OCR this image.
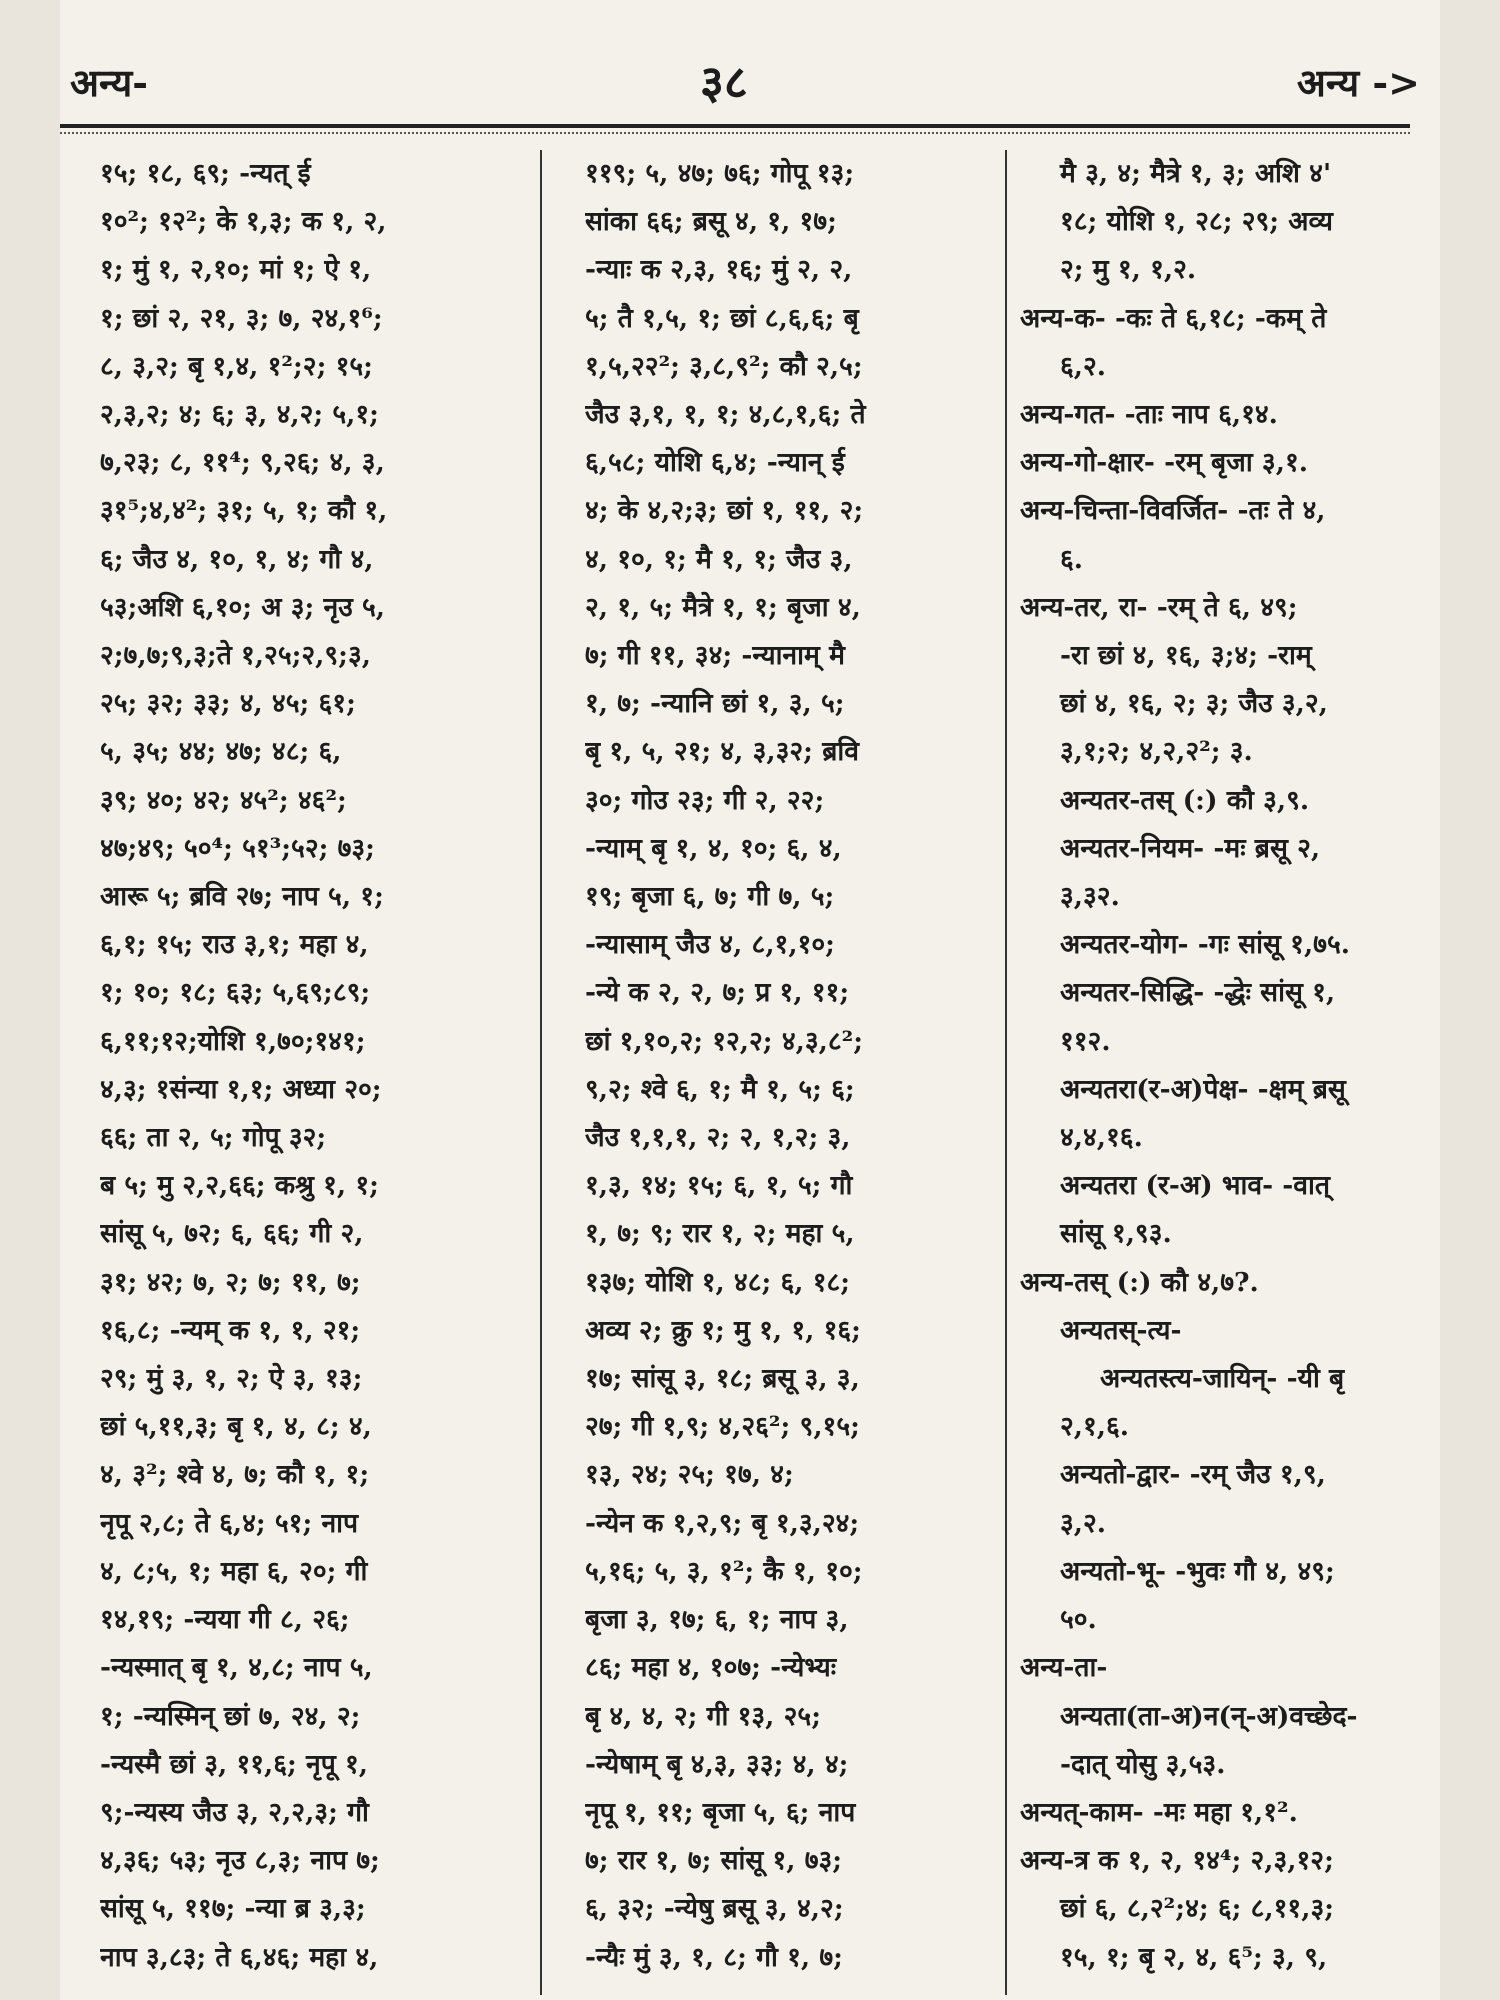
अन्य-	३८	अन्य ->
१५; १८, ६९; -न्यत् ई
१०²; १२²; के १,३; क १, २,
१; मुं १, २,१०; मां १; ऐ १,
१; छां २, २१, ३; ७, २४,१⁶;
८, ३,२; बृ १,४, १²;२; १५;
२,३,२; ४; ६; ३, ४,२; ५,१;
७,२३; ८, ११⁴; ९,२६; ४, ३,
३१⁵;४,४²; ३१; ५, १; कौ १,
६; जैउ ४, १०, १, ४; गौ ४,
५३;अशि ६,१०; अ ३; नृउ ५,
२;७,७;९,३;ते १,२५;२,९;३,
२५; ३२; ३३; ४, ४५; ६१;
५, ३५; ४४; ४७; ४८; ६,
३९; ४०; ४२; ४५²; ४६²;
४७;४९; ५०⁴; ५१³;५२; ७३;
आरू ५; ब्रवि २७; नाप ५, १;
६,१; १५; राउ ३,१; महा ४,
१; १०; १८; ६३; ५,६९;८९;
६,११;१२;योशि १,७०;१४१;
४,३; १संन्या १,१; अध्या २०;
६६; ता २, ५; गोपू ३२;
ब ५; मु २,२,६६; कश्रु १, १;
सांसू ५, ७२; ६, ६६; गी २,
३१; ४२; ७, २; ७; ११, ७;
१६,८; -न्यम् क १, १, २१;
२९; मुं ३, १, २; ऐ ३, १३;
छां ५,११,३; बृ १, ४, ८; ४,
४, ३²; श्वे ४, ७; कौ १, १;
नृपू २,८; ते ६,४; ५१; नाप
४, ८;५, १; महा ६, २०; गी
१४,१९; -न्यया गी ८, २६;
-न्यस्मात् बृ १, ४,८; नाप ५,
१; -न्यस्मिन् छां ७, २४, २;
-न्यस्मै छां ३, ११,६; नृपू १,
९;-न्यस्य जैउ ३, २,२,३; गौ
४,३६; ५३; नृउ ८,३; नाप ७;
सांसू ५, ११७; -न्या ब्र ३,३;
नाप ३,८३; ते ६,४६; महा ४,
११९; ५, ४७; ७६; गोपू १३;
सांका ६६; ब्रसू ४, १, १७;
-न्याः क २,३, १६; मुं २, २,
५; तै १,५, १; छां ८,६,६; बृ
१,५,२२²; ३,८,९²; कौ २,५;
जैउ ३,१, १, १; ४,८,१,६; ते
६,५८; योशि ६,४; -न्यान् ई
४; के ४,२;३; छां १, ११, २;
४, १०, १; मै १, १; जैउ ३,
२, १, ५; मैत्रे १, १; बृजा ४,
७; गी ११, ३४; -न्यानाम् मै
१, ७; -न्यानि छां १, ३, ५;
बृ १, ५, २१; ४, ३,३२; ब्रवि
३०; गोउ २३; गी २, २२;
-न्याम् बृ १, ४, १०; ६, ४,
१९; बृजा ६, ७; गी ७, ५;
-न्यासाम् जैउ ४, ८,१,१०;
-न्ये क २, २, ७; प्र १, ११;
छां १,१०,२; १२,२; ४,३,८²;
९,२; श्वे ६, १; मै १, ५; ६;
जैउ १,१,१, २; २, १,२; ३,
१,३, १४; १५; ६, १, ५; गौ
१, ७; ९; रार १, २; महा ५,
१३७; योशि १, ४८; ६, १८;
अव्य २; क्रु १; मु १, १, १६;
१७; सांसू ३, १८; ब्रसू ३, ३,
२७; गी १,९; ४,२६²; ९,१५;
१३, २४; २५; १७, ४;
-न्येन क १,२,९; बृ १,३,२४;
५,१६; ५, ३, १²; कै १, १०;
बृजा ३, १७; ६, १; नाप ३,
८६; महा ४, १०७; -न्येभ्यः
बृ ४, ४, २; गी १३, २५;
-न्येषाम् बृ ४,३, ३३; ४, ४;
नृपू १, ११; बृजा ५, ६; नाप
७; रार १, ७; सांसू १, ७३;
६, ३२; -न्येषु ब्रसू ३, ४,२;
-न्यैः मुं ३, १, ८; गौ १, ७;
मै ३, ४; मैत्रे १, ३; अशि ४'
१८; योशि १, २८; २९; अव्य
२; मु १, १,२.
अन्य-क- -कः ते ६,१८; -कम् ते
६,२.
अन्य-गत- -ताः नाप ६,१४.
अन्य-गो-क्षार- -रम् बृजा ३,१.
अन्य-चिन्ता-विवर्जित- -तः ते ४,
६.
अन्य-तर, रा- -रम् ते ६, ४९;
-रा छां ४, १६, ३;४; -राम्
छां ४, १६, २; ३; जैउ ३,२,
३,१;२; ४,२,२²; ३.
अन्यतर-तस् (:) कौ ३,९.
अन्यतर-नियम- -मः ब्रसू २,
३,३२.
अन्यतर-योग- -गः सांसू १,७५.
अन्यतर-सिद्धि- -द्धेः सांसू १,
११२.
अन्यतरा(र-अ)पेक्ष- -क्षम् ब्रसू
४,४,१६.
अन्यतरा (र-अ) भाव- -वात्
सांसू १,९३.
अन्य-तस् (:) कौ ४,७?.
अन्यतस्-त्य-
अन्यतस्त्य-जायिन्- -यी बृ
२,१,६.
अन्यतो-द्वार- -रम् जैउ १,९,
३,२.
अन्यतो-भू- -भुवः गौ ४, ४९;
५०.
अन्य-ता-
अन्यता(ता-अ)न(न्-अ)वच्छेद-
-दात् योसु ३,५३.
अन्यत्-काम- -मः महा १,१².
अन्य-त्र क १, २, १४⁴; २,३,१२;
छां ६, ८,२²;४; ६; ८,११,३;
१५, १; बृ २, ४, ६⁵; ३, ९,
